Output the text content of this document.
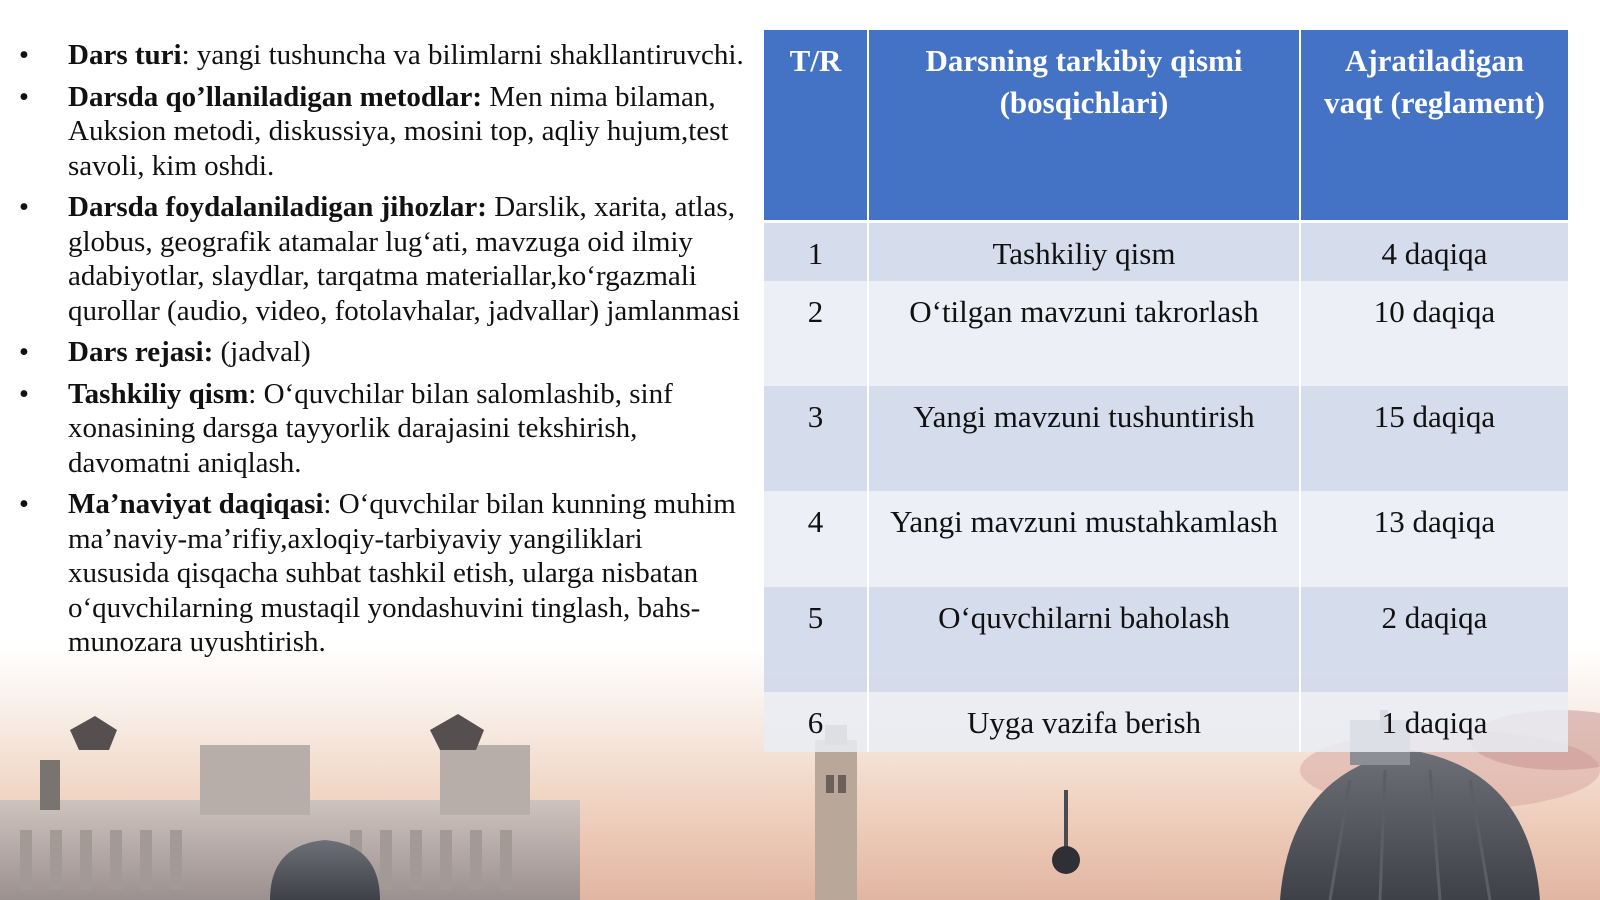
• Dars turi: yangi tushuncha va bilimlarni shakllantiruvchi.
• Darsda qo’llaniladigan metodlar: Men nima bilaman, Auksion metodi, diskussiya, mosini top, aqliy hujum,test savoli, kim oshdi.
• Darsda foydalaniladigan jihozlar: Darslik, xarita, atlas, globus, geografik atamalar lug‘ati, mavzuga oid ilmiy adabiyotlar, slaydlar, tarqatma materiallar,ko‘rgazmali qurollar (audio, video, fotolavhalar, jadvallar) jamlanmasi
• Dars rejasi: (jadval)
• Tashkiliy qism: O‘quvchilar bilan salomlashib, sinf xonasining darsga tayyorlik darajasini tekshirish, davomatni aniqlash.
• Ma’naviyat daqiqasi: O‘quvchilar bilan kunning muhim ma’naviy-ma’rifiy,axloqiy-tarbiyaviy yangiliklari xususida qisqacha suhbat tashkil etish, ularga nisbatan o‘quvchilarning mustaqil yondashuvini tinglash, bahs-munozara uyushtirish.
T/R	Darsning tarkibiy qismi (bosqichlari)	Ajratiladigan vaqt (reglament)
1	Tashkiliy qism	4 daqiqa
2	O‘tilgan mavzuni takrorlash	10 daqiqa
3	Yangi mavzuni tushuntirish	15 daqiqa
4	Yangi mavzuni mustahkamlash	13 daqiqa
5	O‘quvchilarni baholash	2 daqiqa
6	Uyga vazifa berish	1 daqiqa
